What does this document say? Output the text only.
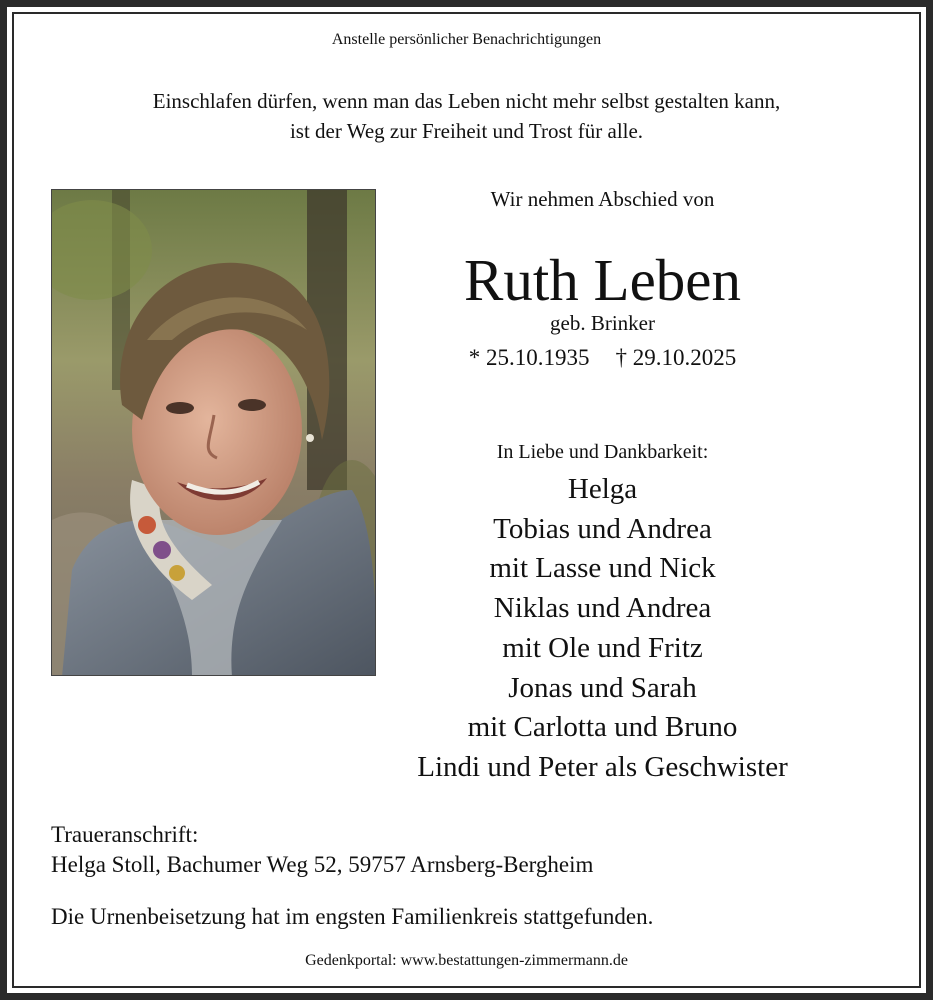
Anstelle persönlicher Benachrichtigungen
Einschlafen dürfen, wenn man das Leben nicht mehr selbst gestalten kann,
ist der Weg zur Freiheit und Trost für alle.
Wir nehmen Abschied von
Ruth Leben
geb. Brinker
* 25.10.1935 † 29.10.2025
In Liebe und Dankbarkeit:
Helga
Tobias und Andrea
mit Lasse und Nick
Niklas und Andrea
mit Ole und Fritz
Jonas und Sarah
mit Carlotta und Bruno
Lindi und Peter als Geschwister
Traueranschrift:
Helga Stoll, Bachumer Weg 52, 59757 Arnsberg-Bergheim
Die Urnenbeisetzung hat im engsten Familienkreis stattgefunden.
Gedenkportal: www.bestattungen-zimmermann.de
